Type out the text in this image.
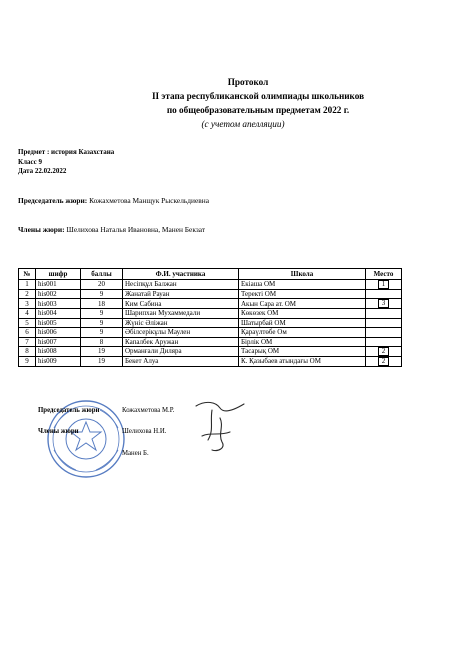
Протокол
II этапа республиканской олимпиады школьников
по общеобразовательным предметам 2022 г.
(с учетом апелляции)
Предмет : история Казахстана
Класс 9
Дата 22.02.2022
Председатель жюри: Кожахметова Манщук Рыскельдиевна
Члены жюри: Шелихова Наталья Ивановна, Манен Бекзат
№	шифр	баллы	Ф.И. участника	Школа	Место
1	his001	20	Несіпқұл Балжан	Екіаша ОМ	1
2	his002	9	Жанатай Рауан	Теректі ОМ	
3	his003	18	Ким Сабина	Акын Сара ат. ОМ	3
4	his004	9	Шарипхан Мухаммедали	Көкөзек ОМ	
5	his005	9	Жүніс Әліжан	Шатырбай ОМ	
6	his006	9	Әбілсерікұлы Маулен	Қараүлтөбе Ом	
7	his007	8	Капалбек Аружан	Бірлік ОМ	
8	his008	19	Орманғали Диляра	Тасарық ОМ	2
9	his009	19	Бекет Алуа	К. Қазыбаев атындағы ОМ	2
Председатель жюри	Кожахметова М.Р.
Члены жюри	Шелихова Н.И.
Манен Б.
